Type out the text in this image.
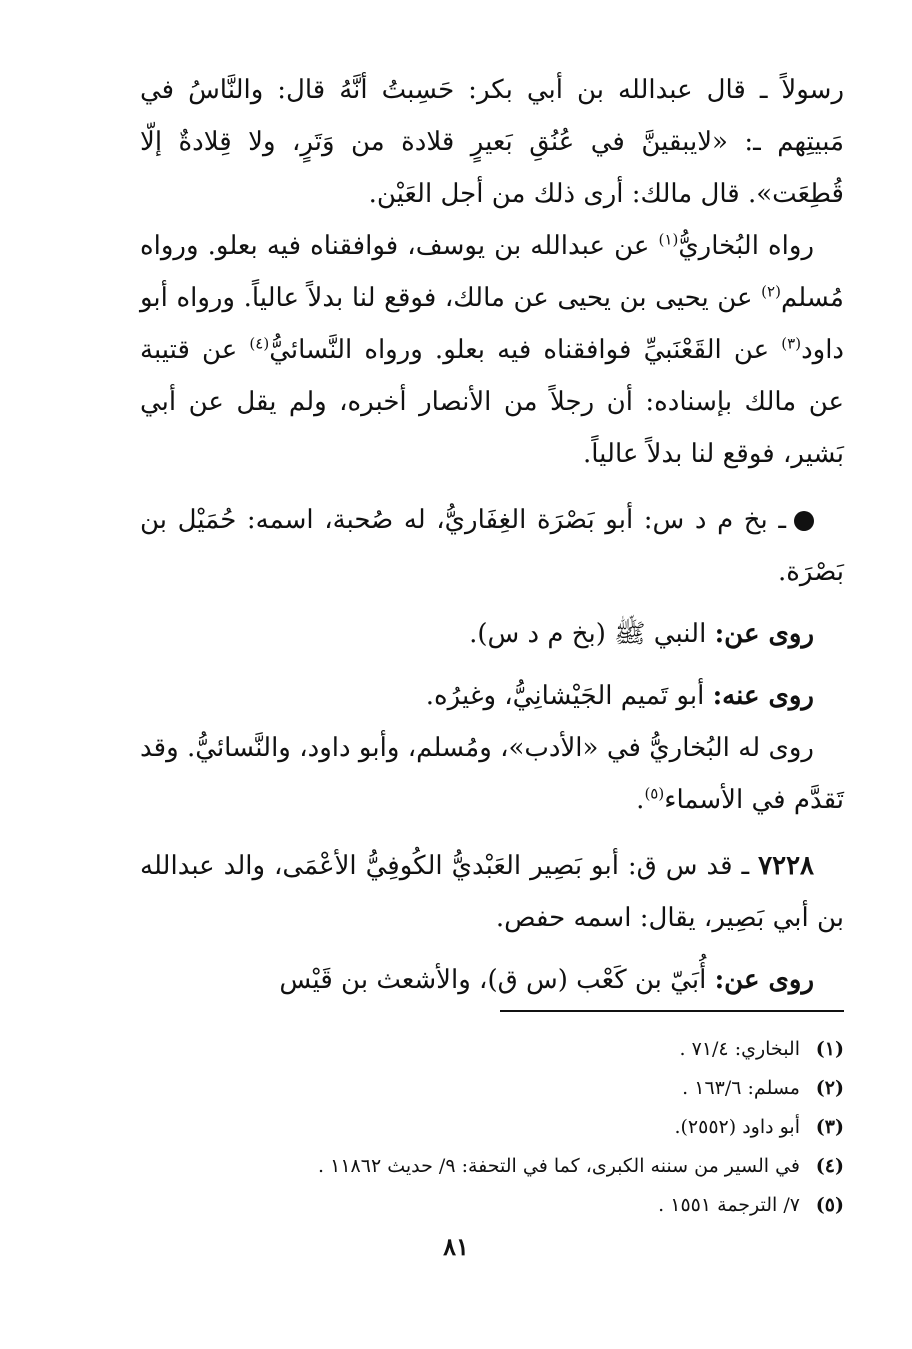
رسولاً ـ قال عبدالله بن أبي بكر: حَسِبتُ أنَّهُ قال: والنَّاسُ في مَبيتِهم ـ: «لايبقينَّ في عُنُقِ بَعيرٍ قلادة من وَتَرٍ، ولا قِلادةٌ إلّا قُطِعَت». قال مالك: أرى ذلك من أجل العَيْن.

رواه البُخاريُّ$^{(١)}$ عن عبدالله بن يوسف، فوافقناه فيه بعلو. ورواه مُسلم$^{(٢)}$ عن يحيى بن يحيى عن مالك، فوقع لنا بدلاً عالياً. ورواه أبو داود$^{(٣)}$ عن القَعْنَبيِّ فوافقناه فيه بعلو. ورواه النَّسائيُّ$^{(٤)}$ عن قتيبة عن مالك بإسناده: أن رجلاً من الأنصار أخبره، ولم يقل عن أبي بَشير، فوقع لنا بدلاً عالياً.

ـ بخ م د س: أبو بَصْرَة الغِفَاريُّ، له صُحبة، اسمه: حُمَيْل بن بَصْرَة.

روى عن: النبي ﷺ (بخ م د س).

روى عنه: أبو تَميم الجَيْشانِيُّ، وغيرُه.

روى له البُخاريُّ في «الأدب»، ومُسلم، وأبو داود، والنَّسائيُّ. وقد تَقدَّم في الأسماء$^{(٥)}$.

٧٢٢٨ ـ قد س ق: أبو بَصِير العَبْديُّ الكُوفِيُّ الأعْمَى، والد عبدالله بن أبي بَصِير، يقال: اسمه حفص.

روى عن: أُبَيّ بن كَعْب (س ق)، والأشعث بن قَيْس

(١)البخاري: ٧١/٤ .
(٢)مسلم: ١٦٣/٦ .
(٣)أبو داود (٢٥٥٢).
(٤)في السير من سننه الكبرى، كما في التحفة: ٩/ حديث ١١٨٦٢ .
(٥)٧/ الترجمة ١٥٥١ .
٨١
